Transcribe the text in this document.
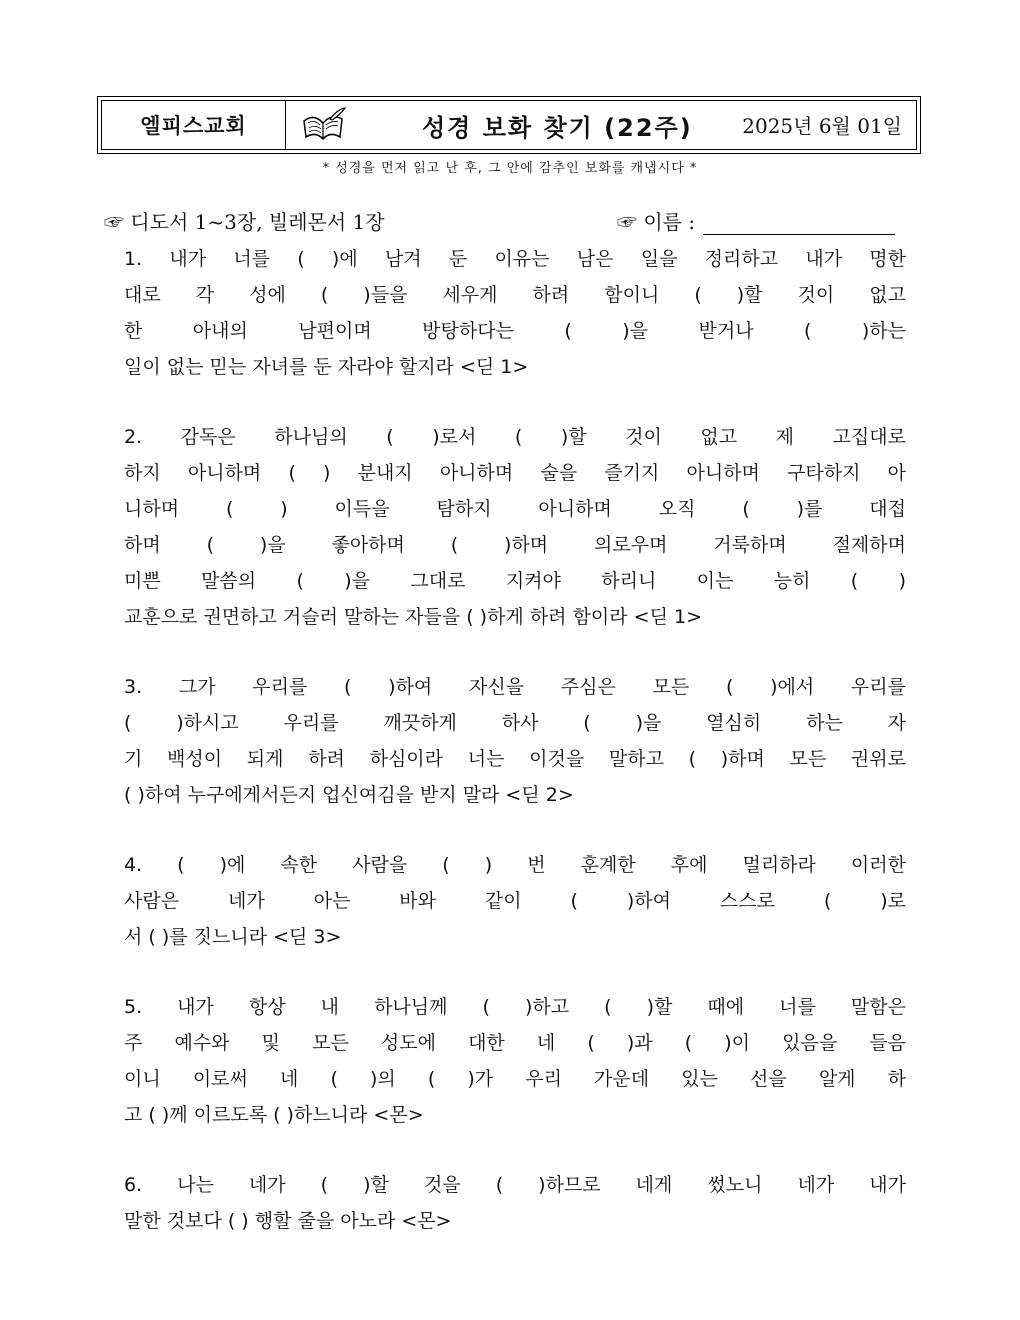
엘피스교회	성경 보화 찾기 (22주) 2025년 6월 01일
* 성경을 먼저 읽고 난 후, 그 안에 감추인 보화를 캐냅시다 *
☞ 디도서 1~3장, 빌레몬서 1장	☞ 이름 :
1. 내가 너를 ( )에 남겨 둔 이유는 남은 일을 정리하고 내가 명한
대로 각 성에 ( )들을 세우게 하려 함이니 ( )할 것이 없고
한 아내의 남편이며 방탕하다는 ( )을 받거나 ( )하는
일이 없는 믿는 자녀를 둔 자라야 할지라 <딛 1>
2. 감독은 하나님의 ( )로서 ( )할 것이 없고 제 고집대로
하지 아니하며 ( ) 분내지 아니하며 술을 즐기지 아니하며 구타하지 아
니하며 ( ) 이득을 탐하지 아니하며 오직 ( )를 대접
하며 ( )을 좋아하며 ( )하며 의로우며 거룩하며 절제하며
미쁜 말씀의 ( )을 그대로 지켜야 하리니 이는 능히 ( )
교훈으로 권면하고 거슬러 말하는 자들을 ( )하게 하려 함이라 <딛 1>
3. 그가 우리를 ( )하여 자신을 주심은 모든 ( )에서 우리를
( )하시고 우리를 깨끗하게 하사 ( )을 열심히 하는 자
기 백성이 되게 하려 하심이라 너는 이것을 말하고 ( )하며 모든 권위로
( )하여 누구에게서든지 업신여김을 받지 말라 <딛 2>
4. ( )에 속한 사람을 ( ) 번 훈계한 후에 멀리하라 이러한
사람은 네가 아는 바와 같이 ( )하여 스스로 ( )로
서 ( )를 짓느니라 <딛 3>
5. 내가 항상 내 하나님께 ( )하고 ( )할 때에 너를 말함은
주 예수와 및 모든 성도에 대한 네 ( )과 ( )이 있음을 들음
이니 이로써 네 ( )의 ( )가 우리 가운데 있는 선을 알게 하
고 ( )께 이르도록 ( )하느니라 <몬>
6. 나는 네가 ( )할 것을 ( )하므로 네게 썼노니 네가 내가
말한 것보다 ( ) 행할 줄을 아노라 <몬>
